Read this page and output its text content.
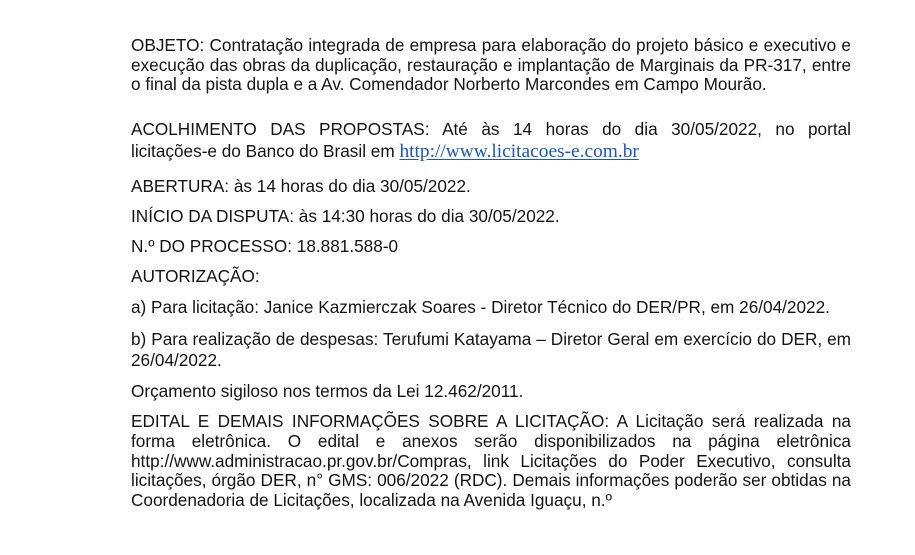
OBJETO: Contratação integrada de empresa para elaboração do projeto básico e executivo e execução das obras da duplicação, restauração e implantação de Marginais da PR-317, entre o final da pista dupla e a Av. Comendador Norberto Marcondes em Campo Mourão.

ACOLHIMENTO DAS PROPOSTAS: Até às 14 horas do dia 30/05/2022, no portal

licitações-e do Banco do Brasil em http://www.licitacoes-e.com.br

ABERTURA: às 14 horas do dia 30/05/2022.

INÍCIO DA DISPUTA: às 14:30 horas do dia 30/05/2022.

N.º DO PROCESSO: 18.881.588-0

AUTORIZAÇÃO:

a) Para licitação: Janice Kazmierczak Soares - Diretor Técnico do DER/PR, em 26/04/2022.

b) Para realização de despesas: Terufumi Katayama – Diretor Geral em exercício do DER, em 26/04/2022.

Orçamento sigiloso nos termos da Lei 12.462/2011.

EDITAL E DEMAIS INFORMAÇÕES SOBRE A LICITAÇÃO: A Licitação será realizada na forma eletrônica. O edital e anexos serão disponibilizados na página eletrônica http://www.administracao.pr.gov.br/Compras, link Licitações do Poder Executivo, consulta licitações, órgão DER, n° GMS: 006/2022 (RDC). Demais informações poderão ser obtidas na Coordenadoria de Licitações, localizada na Avenida Iguaçu, n.º
